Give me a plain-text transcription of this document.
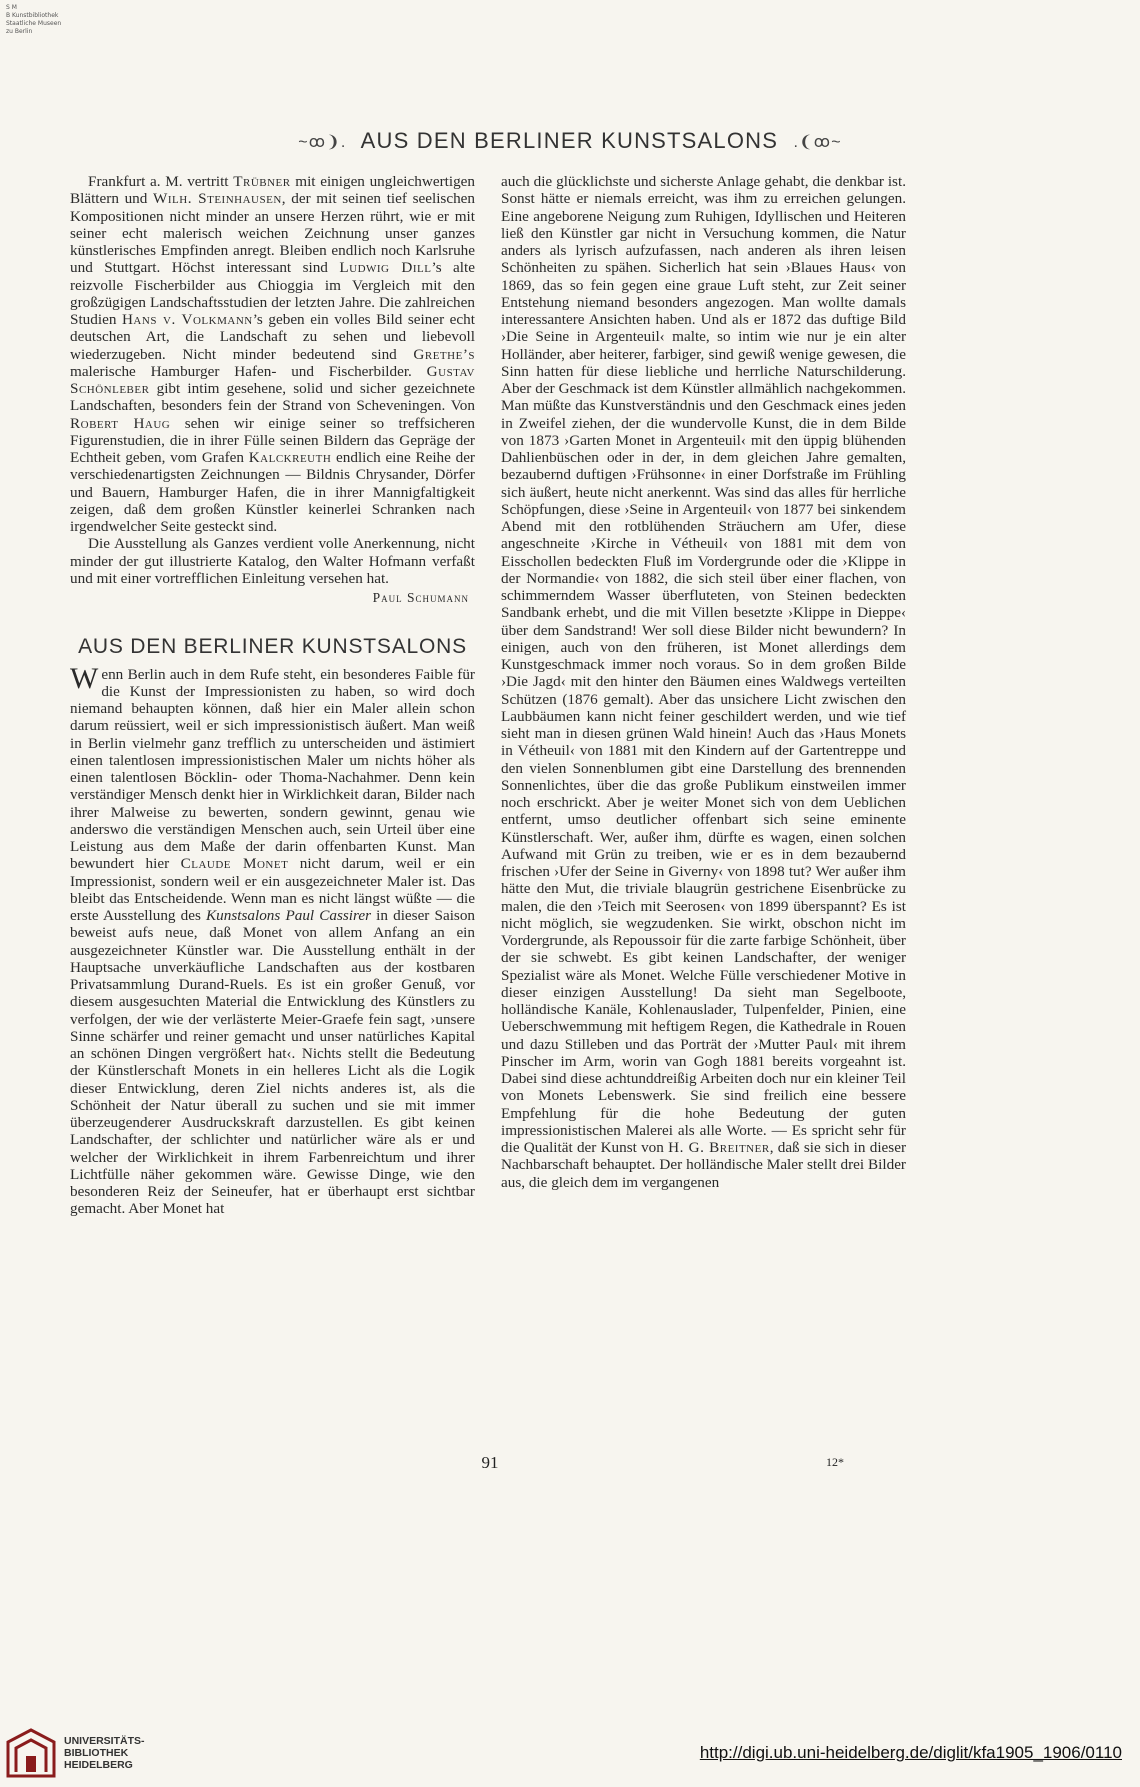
S M
B Kunstbibliothek
Staatliche Museen
zu Berlin
~ꝏ❩. AUS DEN BERLINER KUNSTSALONS .❨ꝏ~

Frankfurt a. M. vertritt Trübner mit einigen ungleichwertigen Blättern und Wilh. Steinhausen, der mit seinen tief seelischen Kompositionen nicht minder an unsere Herzen rührt, wie er mit seiner echt malerisch weichen Zeichnung unser ganzes künstlerisches Empfinden anregt. Bleiben endlich noch Karlsruhe und Stuttgart. Höchst interessant sind Ludwig Dill’s alte reizvolle Fischerbilder aus Chioggia im Vergleich mit den großzügigen Landschaftsstudien der letzten Jahre. Die zahlreichen Studien Hans v. Volkmann’s geben ein volles Bild seiner echt deutschen Art, die Landschaft zu sehen und liebevoll wiederzugeben. Nicht minder bedeutend sind Grethe’s malerische Hamburger Hafen- und Fischerbilder. Gustav Schönleber gibt intim gesehene, solid und sicher gezeichnete Landschaften, besonders fein der Strand von Scheveningen. Von Robert Haug sehen wir einige seiner so treffsicheren Figurenstudien, die in ihrer Fülle seinen Bildern das Gepräge der Echtheit geben, vom Grafen Kalckreuth endlich eine Reihe der verschiedenartigsten Zeichnungen — Bildnis Chrysander, Dörfer und Bauern, Hamburger Hafen, die in ihrer Mannigfaltigkeit zeigen, daß dem großen Künstler keinerlei Schranken nach irgendwelcher Seite gesteckt sind.

Die Ausstellung als Ganzes verdient volle Anerkennung, nicht minder der gut illustrierte Katalog, den Walter Hofmann verfaßt und mit einer vortrefflichen Einleitung versehen hat.

Paul Schumann
AUS DEN BERLINER KUNSTSALONS

Wenn Berlin auch in dem Rufe steht, ein besonderes Faible für die Kunst der Impressionisten zu haben, so wird doch niemand behaupten können, daß hier ein Maler allein schon darum reüssiert, weil er sich impressionistisch äußert. Man weiß in Berlin vielmehr ganz trefflich zu unterscheiden und ästimiert einen talentlosen impressionistischen Maler um nichts höher als einen talentlosen Böcklin- oder Thoma-Nachahmer. Denn kein verständiger Mensch denkt hier in Wirklichkeit daran, Bilder nach ihrer Malweise zu bewerten, sondern gewinnt, genau wie anderswo die verständigen Menschen auch, sein Urteil über eine Leistung aus dem Maße der darin offenbarten Kunst. Man bewundert hier Claude Monet nicht darum, weil er ein Impressionist, sondern weil er ein ausgezeichneter Maler ist. Das bleibt das Entscheidende. Wenn man es nicht längst wüßte — die erste Ausstellung des Kunstsalons Paul Cassirer in dieser Saison beweist aufs neue, daß Monet von allem Anfang an ein ausgezeichneter Künstler war. Die Ausstellung enthält in der Hauptsache unverkäufliche Landschaften aus der kostbaren Privatsammlung Durand-Ruels. Es ist ein großer Genuß, vor diesem ausgesuchten Material die Entwicklung des Künstlers zu verfolgen, der wie der verlästerte Meier-Graefe fein sagt, ›unsere Sinne schärfer und reiner gemacht und unser natürliches Kapital an schönen Dingen vergrößert hat‹. Nichts stellt die Bedeutung der Künstlerschaft Monets in ein helleres Licht als die Logik dieser Entwicklung, deren Ziel nichts anderes ist, als die Schönheit der Natur überall zu suchen und sie mit immer überzeugenderer Ausdruckskraft darzustellen. Es gibt keinen Landschafter, der schlichter und natürlicher wäre als er und welcher der Wirklichkeit in ihrem Farbenreichtum und ihrer Lichtfülle näher gekommen wäre. Gewisse Dinge, wie den besonderen Reiz der Seineufer, hat er überhaupt erst sichtbar gemacht. Aber Monet hat

auch die glücklichste und sicherste Anlage gehabt, die denkbar ist. Sonst hätte er niemals erreicht, was ihm zu erreichen gelungen. Eine angeborene Neigung zum Ruhigen, Idyllischen und Heiteren ließ den Künstler gar nicht in Versuchung kommen, die Natur anders als lyrisch aufzufassen, nach anderen als ihren leisen Schönheiten zu spähen. Sicherlich hat sein ›Blaues Haus‹ von 1869, das so fein gegen eine graue Luft steht, zur Zeit seiner Entstehung niemand besonders angezogen. Man wollte damals interessantere Ansichten haben. Und als er 1872 das duftige Bild ›Die Seine in Argenteuil‹ malte, so intim wie nur je ein alter Holländer, aber heiterer, farbiger, sind gewiß wenige gewesen, die Sinn hatten für diese liebliche und herrliche Naturschilderung. Aber der Geschmack ist dem Künstler allmählich nachgekommen. Man müßte das Kunstverständnis und den Geschmack eines jeden in Zweifel ziehen, der die wundervolle Kunst, die in dem Bilde von 1873 ›Garten Monet in Argenteuil‹ mit den üppig blühenden Dahlienbüschen oder in der, in dem gleichen Jahre gemalten, bezaubernd duftigen ›Frühsonne‹ in einer Dorfstraße im Frühling sich äußert, heute nicht anerkennt. Was sind das alles für herrliche Schöpfungen, diese ›Seine in Argenteuil‹ von 1877 bei sinkendem Abend mit den rotblühenden Sträuchern am Ufer, diese angeschneite ›Kirche in Vétheuil‹ von 1881 mit dem von Eisschollen bedeckten Fluß im Vordergrunde oder die ›Klippe in der Normandie‹ von 1882, die sich steil über einer flachen, von schimmerndem Wasser überfluteten, von Steinen bedeckten Sandbank erhebt, und die mit Villen besetzte ›Klippe in Dieppe‹ über dem Sandstrand! Wer soll diese Bilder nicht bewundern? In einigen, auch von den früheren, ist Monet allerdings dem Kunstgeschmack immer noch voraus. So in dem großen Bilde ›Die Jagd‹ mit den hinter den Bäumen eines Waldwegs verteilten Schützen (1876 gemalt). Aber das unsichere Licht zwischen den Laubbäumen kann nicht feiner geschildert werden, und wie tief sieht man in diesen grünen Wald hinein! Auch das ›Haus Monets in Vétheuil‹ von 1881 mit den Kindern auf der Gartentreppe und den vielen Sonnenblumen gibt eine Darstellung des brennenden Sonnenlichtes, über die das große Publikum einstweilen immer noch erschrickt. Aber je weiter Monet sich von dem Ueblichen entfernt, umso deutlicher offenbart sich seine eminente Künstlerschaft. Wer, außer ihm, dürfte es wagen, einen solchen Aufwand mit Grün zu treiben, wie er es in dem bezaubernd frischen ›Ufer der Seine in Giverny‹ von 1898 tut? Wer außer ihm hätte den Mut, die triviale blaugrün gestrichene Eisenbrücke zu malen, die den ›Teich mit Seerosen‹ von 1899 überspannt? Es ist nicht möglich, sie wegzudenken. Sie wirkt, obschon nicht im Vordergrunde, als Repoussoir für die zarte farbige Schönheit, über der sie schwebt. Es gibt keinen Landschafter, der weniger Spezialist wäre als Monet. Welche Fülle verschiedener Motive in dieser einzigen Ausstellung! Da sieht man Segelboote, holländische Kanäle, Kohlenauslader, Tulpenfelder, Pinien, eine Ueberschwemmung mit heftigem Regen, die Kathedrale in Rouen und dazu Stilleben und das Porträt der ›Mutter Paul‹ mit ihrem Pinscher im Arm, worin van Gogh 1881 bereits vorgeahnt ist. Dabei sind diese achtunddreißig Arbeiten doch nur ein kleiner Teil von Monets Lebenswerk. Sie sind freilich eine bessere Empfehlung für die hohe Bedeutung der guten impressionistischen Malerei als alle Worte. — Es spricht sehr für die Qualität der Kunst von H. G. Breitner, daß sie sich in dieser Nachbarschaft behauptet. Der holländische Maler stellt drei Bilder aus, die gleich dem im vergangenen

91	12*
UNIVERSITÄTS-
BIBLIOTHEK
HEIDELBERG
http://digi.ub.uni-heidelberg.de/diglit/kfa1905_1906/0110
